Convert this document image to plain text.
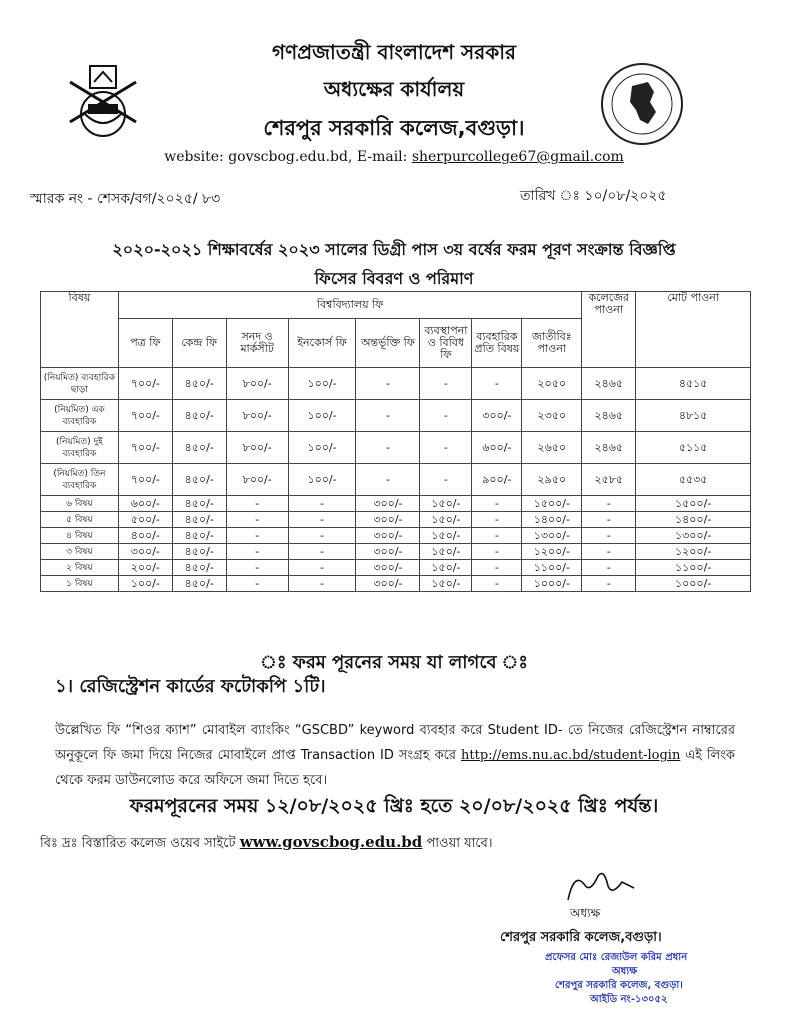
গণপ্রজাতন্ত্রী বাংলাদেশ সরকার
অধ্যক্ষের কার্যালয়
শেরপুর সরকারি কলেজ,বগুড়া।
website: govscbog.edu.bd, E-mail: sherpurcollege67@gmail.com
স্মারক নং - শেসক/বগ/২০২৫/ ৮৩	তারিখ ঃ ১০/০৮/২০২৫
২০২০-২০২১ শিক্ষাবর্ষের ২০২৩ সালের ডিগ্রী পাস ৩য় বর্ষের ফরম পূরণ সংক্রান্ত বিজ্ঞপ্তি
ফিসের বিবরণ ও পরিমাণ
বিষয়	বিশ্ববিদ্যালয় ফি								কলেজের পাওনা	মোট পাওনা
	পত্র ফি	কেন্দ্র ফি	সনদ ও মার্কসীট	ইনকোর্স ফি	অন্তর্ভূক্তি ফি	ব্যবস্থাপনা ও বিবিধ ফি	ব্যবহারিক প্রতি বিষয়	জাতীবিঃ পাওনা		
(নিয়মিত) ব্যবহারিক ছাড়া	৭০০/-	৪৫০/-	৮০০/-	১০০/-	-	-	-	২০৫০	২৪৬৫	৪৫১৫
(নিয়মিত) এক ব্যবহারিক	৭০০/-	৪৫০/-	৮০০/-	১০০/-	-	-	৩০০/-	২৩৫০	২৪৬৫	৪৮১৫
(নিয়মিত) দুই ব্যবহারিক	৭০০/-	৪৫০/-	৮০০/-	১০০/-	-	-	৬০০/-	২৬৫০	২৪৬৫	৫১১৫
(নিয়মিত) তিন ব্যবহারিক	৭০০/-	৪৫০/-	৮০০/-	১০০/-	-	-	৯০০/-	২৯৫০	২৫৮৫	৫৫৩৫
৬ বিষয়	৬০০/-	৪৫০/-	-	-	৩০০/-	১৫০/-	-	১৫০০/-	-	১৫০০/-
৫ বিষয়	৫০০/-	৪৫০/-	-	-	৩০০/-	১৫০/-	-	১৪০০/-	-	১৪০০/-
৪ বিষয়	৪০০/-	৪৫০/-	-	-	৩০০/-	১৫০/-	-	১৩০০/-	-	১৩০০/-
৩ বিষয়	৩০০/-	৪৫০/-	-	-	৩০০/-	১৫০/-	-	১২০০/-	-	১২০০/-
২ বিষয়	২০০/-	৪৫০/-	-	-	৩০০/-	১৫০/-	-	১১০০/-	-	১১০০/-
১ বিষয়	১০০/-	৪৫০/-	-	-	৩০০/-	১৫০/-	-	১০০০/-	-	১০০০/-
ঃ ফরম পূরনের সময় যা লাগবে ঃ
১। রেজিস্ট্রেশন কার্ডের ফটোকপি ১টি।
উল্লেখিত ফি “শিওর ক্যাশ” মোবাইল ব্যাংকিং “GSCBD” keyword ব্যবহার করে Student ID- তে নিজের রেজিস্ট্রেশন নাম্বারের অনুকূলে ফি জমা দিয়ে নিজের মোবাইলে প্রাপ্ত Transaction ID সংগ্রহ করে http://ems.nu.ac.bd/student-login এই লিংক থেকে ফরম ডাউনলোড করে অফিসে জমা দিতে হবে।
ফরমপূরনের সময় ১২/০৮/২০২৫ খ্রিঃ হতে ২০/০৮/২০২৫ খ্রিঃ পর্যন্ত।
বিঃ দ্রঃ বিস্তারিত কলেজ ওয়েব সাইটে www.govscbog.edu.bd পাওয়া যাবে।
অধ্যক্ষ
শেরপুর সরকারি কলেজ,বগুড়া।
প্রফেসর মোঃ রেজাউল করিম প্রধান
অধ্যক্ষ
শেরপুর সরকারি কলেজ, বগুড়া।
আইডি নং-১৩০৫২
